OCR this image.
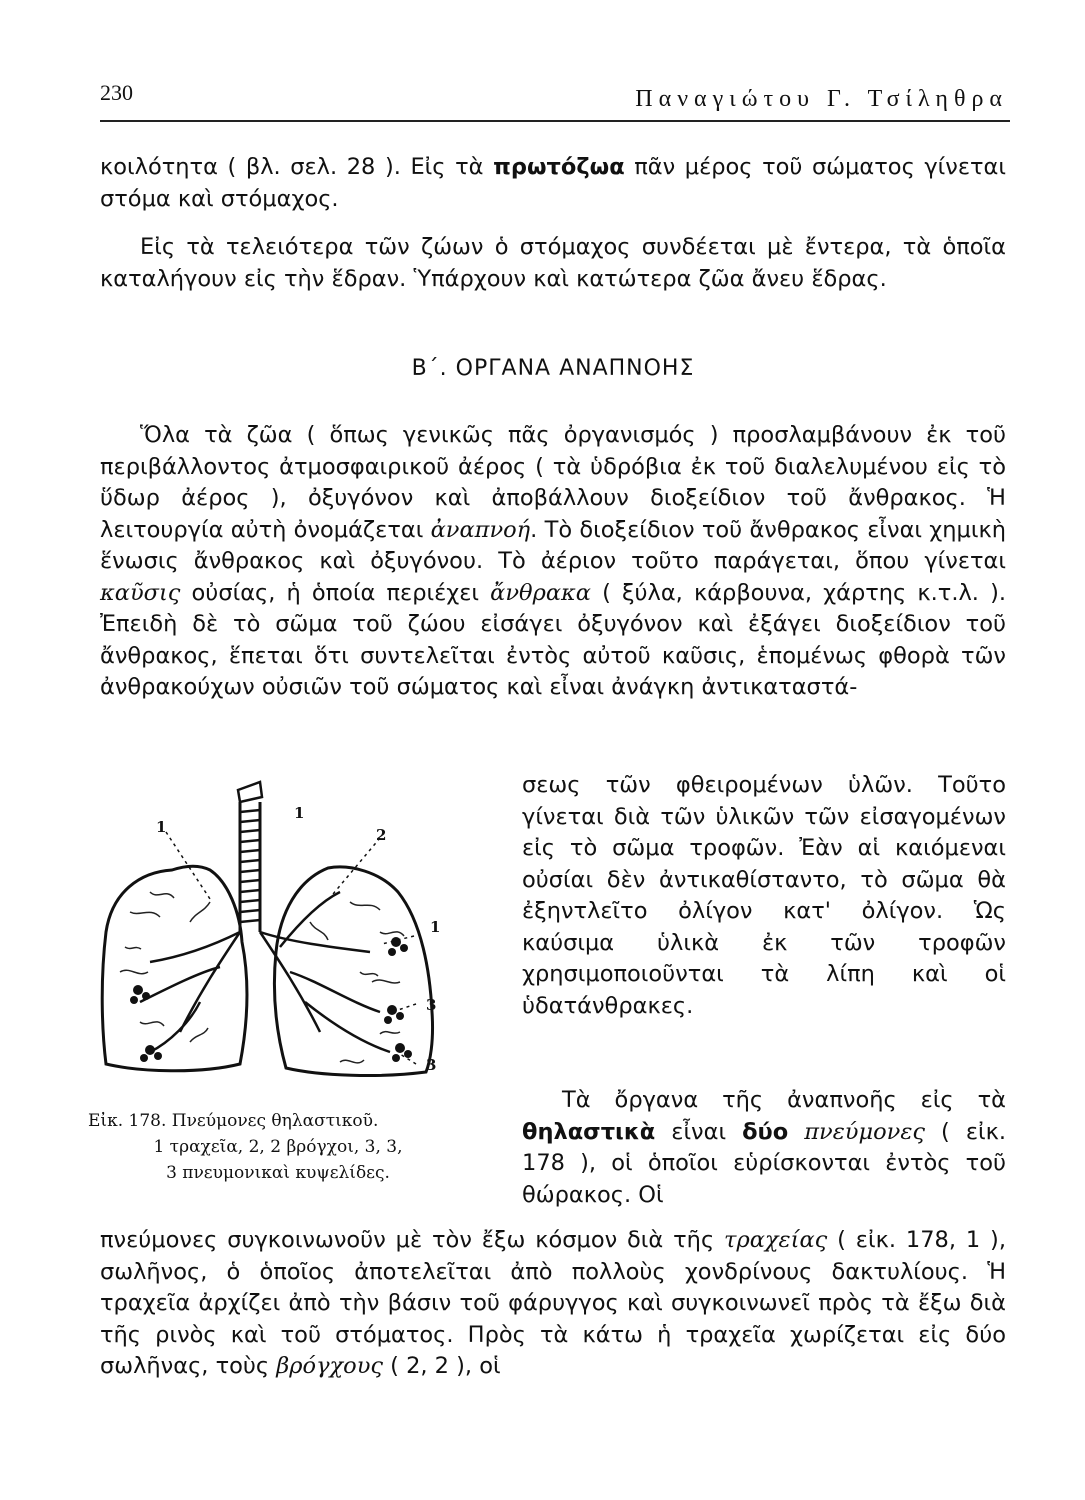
230	Παναγιώτου Γ. Τσίληθρα

κοιλότητα ( βλ. σελ. 28 ). Εἰς τὰ πρωτόζωα πᾶν μέρος τοῦ σώματος γίνεται στόμα καὶ στόμαχος.

Εἰς τὰ τελειότερα τῶν ζώων ὁ στόμαχος συνδέεται μὲ ἔντερα, τὰ ὁποῖα καταλήγουν εἰς τὴν ἕδραν. Ὑπάρχουν καὶ κατώτερα ζῶα ἄνευ ἕδρας.

Β΄. ΟΡΓΑΝΑ ΑΝΑΠΝΟΗΣ

Ὅλα τὰ ζῶα ( ὅπως γενικῶς πᾶς ὀργανισμός ) προσλαμβάνουν ἐκ τοῦ περιβάλλοντος ἀτμοσφαιρικοῦ ἀέρος ( τὰ ὑδρόβια ἐκ τοῦ διαλελυμένου εἰς τὸ ὕδωρ ἀέρος ), ὀξυγόνον καὶ ἀποβάλλουν διοξείδιον τοῦ ἄνθρακος. Ἡ λειτουργία αὐτὴ ὀνομάζεται ἀναπνοή. Τὸ διοξείδιον τοῦ ἄνθρακος εἶναι χημικὴ ἕνωσις ἄνθρακος καὶ ὀξυγόνου. Τὸ ἀέριον τοῦτο παράγεται, ὅπου γίνεται καῦσις οὐσίας, ἡ ὁποία περιέχει ἄνθρακα ( ξύλα, κάρβουνα, χάρτης κ.τ.λ. ). Ἐπειδὴ δὲ τὸ σῶμα τοῦ ζώου εἰσάγει ὀξυγόνον καὶ ἐξάγει διοξείδιον τοῦ ἄνθρακος, ἕπεται ὅτι συντελεῖται ἐντὸς αὐτοῦ καῦσις, ἑπομένως φθορὰ τῶν ἀνθρακούχων οὐσιῶν τοῦ σώματος καὶ εἶναι ἀνάγκη ἀντικαταστά-

σεως τῶν φθειρομένων ὑλῶν. Τοῦτο γίνεται διὰ τῶν ὑλικῶν τῶν εἰσαγομένων εἰς τὸ σῶμα τροφῶν. Ἐὰν αἱ καιόμεναι οὐσίαι δὲν ἀντικαθίσταντο, τὸ σῶμα θὰ ἐξηντλεῖτο ὀλίγον κατ' ὀλίγον. Ὡς καύσιμα ὑλικὰ ἐκ τῶν τροφῶν χρησιμοποιοῦνται τὰ λίπη καὶ οἱ ὑδατάνθρακες.

Τὰ ὄργανα τῆς ἀναπνοῆς εἰς τὰ θηλαστικὰ εἶναι δύο πνεύμονες ( εἰκ. 178 ), οἱ ὁποῖοι εὑρίσκονται ἐντὸς τοῦ θώρακος. Οἱ

πνεύμονες συγκοινωνοῦν μὲ τὸν ἔξω κόσμον διὰ τῆς τραχείας ( εἰκ. 178, 1 ), σωλῆνος, ὁ ὁποῖος ἀποτελεῖται ἀπὸ πολλοὺς χονδρίνους δακτυλίους. Ἡ τραχεῖα ἀρχίζει ἀπὸ τὴν βάσιν τοῦ φάρυγγος καὶ συγκοινωνεῖ πρὸς τὰ ἔξω διὰ τῆς ρινὸς καὶ τοῦ στόματος. Πρὸς τὰ κάτω ἡ τραχεῖα χωρίζεται εἰς δύο σωλῆνας, τοὺς βρόγχους ( 2, 2 ), οἱ

1
1
2
1
3
3
Εἰκ. 178. Πνεύμονες θηλαστικοῦ.
1 τραχεῖα, 2, 2 βρόγχοι, 3, 3,
3 πνευμονικαὶ κυψελίδες.
